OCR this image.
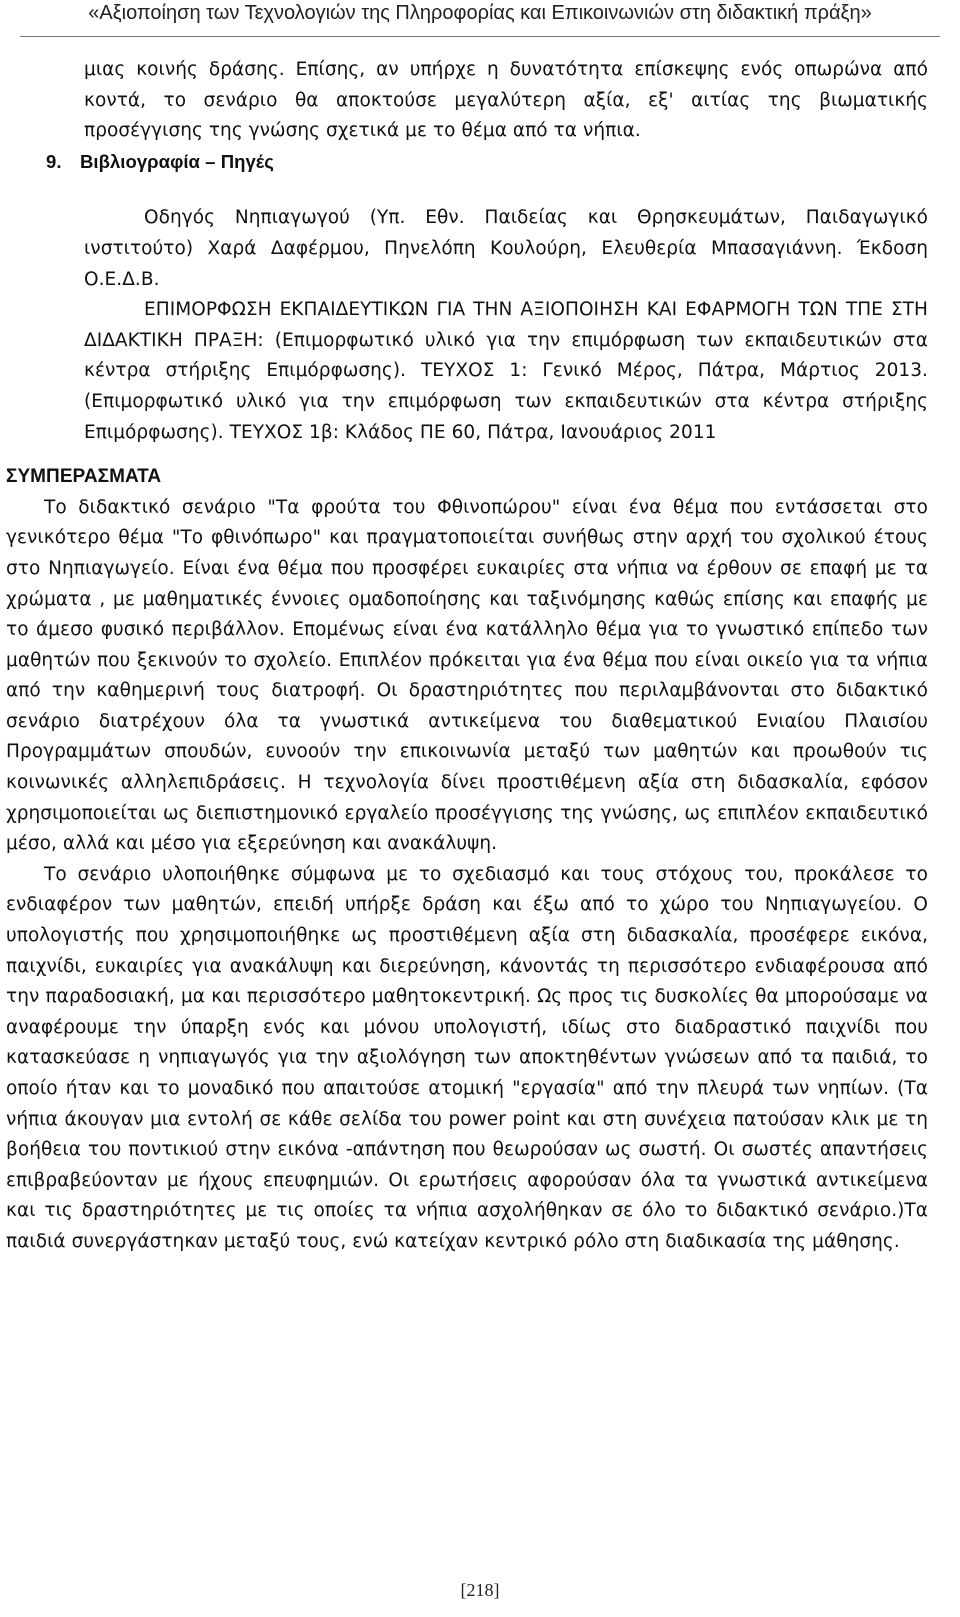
«Αξιοποίηση των Τεχνολογιών της Πληροφορίας και Επικοινωνιών στη διδακτική πράξη»

μιας κοινής δράσης. Επίσης, αν υπήρχε η δυνατότητα επίσκεψης ενός οπωρώνα από κοντά, το σενάριο θα αποκτούσε μεγαλύτερη αξία, εξ' αιτίας της βιωματικής προσέγγισης της γνώσης σχετικά με το θέμα από τα νήπια.

9. Βιβλιογραφία – Πηγές

Οδηγός Νηπιαγωγού (Υπ. Εθν. Παιδείας και Θρησκευμάτων, Παιδαγωγικό ινστιτούτο) Χαρά Δαφέρμου, Πηνελόπη Κουλούρη, Ελευθερία Μπασαγιάννη. Έκδοση Ο.Ε.Δ.Β.

ΕΠΙΜΟΡΦΩΣΗ ΕΚΠΑΙΔΕΥΤΙΚΩΝ ΓΙΑ ΤΗΝ ΑΞΙΟΠΟΙΗΣΗ ΚΑΙ ΕΦΑΡΜΟΓΗ ΤΩΝ ΤΠΕ ΣΤΗ ΔΙΔΑΚΤΙΚΗ ΠΡΑΞΗ: (Επιμορφωτικό υλικό για την επιμόρφωση των εκπαιδευτικών στα κέντρα στήριξης Επιμόρφωσης). ΤΕΥΧΟΣ 1: Γενικό Μέρος, Πάτρα, Μάρτιος 2013. (Επιμορφωτικό υλικό για την επιμόρφωση των εκπαιδευτικών στα κέντρα στήριξης Επιμόρφωσης). ΤΕΥΧΟΣ 1β: Κλάδος ΠΕ 60, Πάτρα, Ιανουάριος 2011

ΣΥΜΠΕΡΑΣΜΑΤΑ

Το διδακτικό σενάριο "Τα φρούτα του Φθινοπώρου" είναι ένα θέμα που εντάσσεται στο γενικότερο θέμα "Το φθινόπωρο" και πραγματοποιείται συνήθως στην αρχή του σχολικού έτους στο Νηπιαγωγείο. Είναι ένα θέμα που προσφέρει ευκαιρίες στα νήπια να έρθουν σε επαφή με τα χρώματα , με μαθηματικές έννοιες ομαδοποίησης και ταξινόμησης καθώς επίσης και επαφής με το άμεσο φυσικό περιβάλλον. Επομένως είναι ένα κατάλληλο θέμα για το γνωστικό επίπεδο των μαθητών που ξεκινούν το σχολείο. Επιπλέον πρόκειται για ένα θέμα που είναι οικείο για τα νήπια από την καθημερινή τους διατροφή. Οι δραστηριότητες που περιλαμβάνονται στο διδακτικό σενάριο διατρέχουν όλα τα γνωστικά αντικείμενα του διαθεματικού Ενιαίου Πλαισίου Προγραμμάτων σπουδών, ευνοούν την επικοινωνία μεταξύ των μαθητών και προωθούν τις κοινωνικές αλληλεπιδράσεις. Η τεχνολογία δίνει προστιθέμενη αξία στη διδασκαλία, εφόσον χρησιμοποιείται ως διεπιστημονικό εργαλείο προσέγγισης της γνώσης, ως επιπλέον εκπαιδευτικό μέσο, αλλά και μέσο για εξερεύνηση και ανακάλυψη.

Το σενάριο υλοποιήθηκε σύμφωνα με το σχεδιασμό και τους στόχους του, προκάλεσε το ενδιαφέρον των μαθητών, επειδή υπήρξε δράση και έξω από το χώρο του Νηπιαγωγείου. Ο υπολογιστής που χρησιμοποιήθηκε ως προστιθέμενη αξία στη διδασκαλία, προσέφερε εικόνα, παιχνίδι, ευκαιρίες για ανακάλυψη και διερεύνηση, κάνοντάς τη περισσότερο ενδιαφέρουσα από την παραδοσιακή, μα και περισσότερο μαθητοκεντρική. Ως προς τις δυσκολίες θα μπορούσαμε να αναφέρουμε την ύπαρξη ενός και μόνου υπολογιστή, ιδίως στο διαδραστικό παιχνίδι που κατασκεύασε η νηπιαγωγός για την αξιολόγηση των αποκτηθέντων γνώσεων από τα παιδιά, το οποίο ήταν και το μοναδικό που απαιτούσε ατομική "εργασία" από την πλευρά των νηπίων. (Τα νήπια άκουγαν μια εντολή σε κάθε σελίδα του power point και στη συνέχεια πατούσαν κλικ με τη βοήθεια του ποντικιού στην εικόνα -απάντηση που θεωρούσαν ως σωστή. Οι σωστές απαντήσεις επιβραβεύονταν με ήχους επευφημιών. Οι ερωτήσεις αφορούσαν όλα τα γνωστικά αντικείμενα και τις δραστηριότητες με τις οποίες τα νήπια ασχολήθηκαν σε όλο το διδακτικό σενάριο.)Τα παιδιά συνεργάστηκαν μεταξύ τους, ενώ κατείχαν κεντρικό ρόλο στη διαδικασία της μάθησης.

[218]
